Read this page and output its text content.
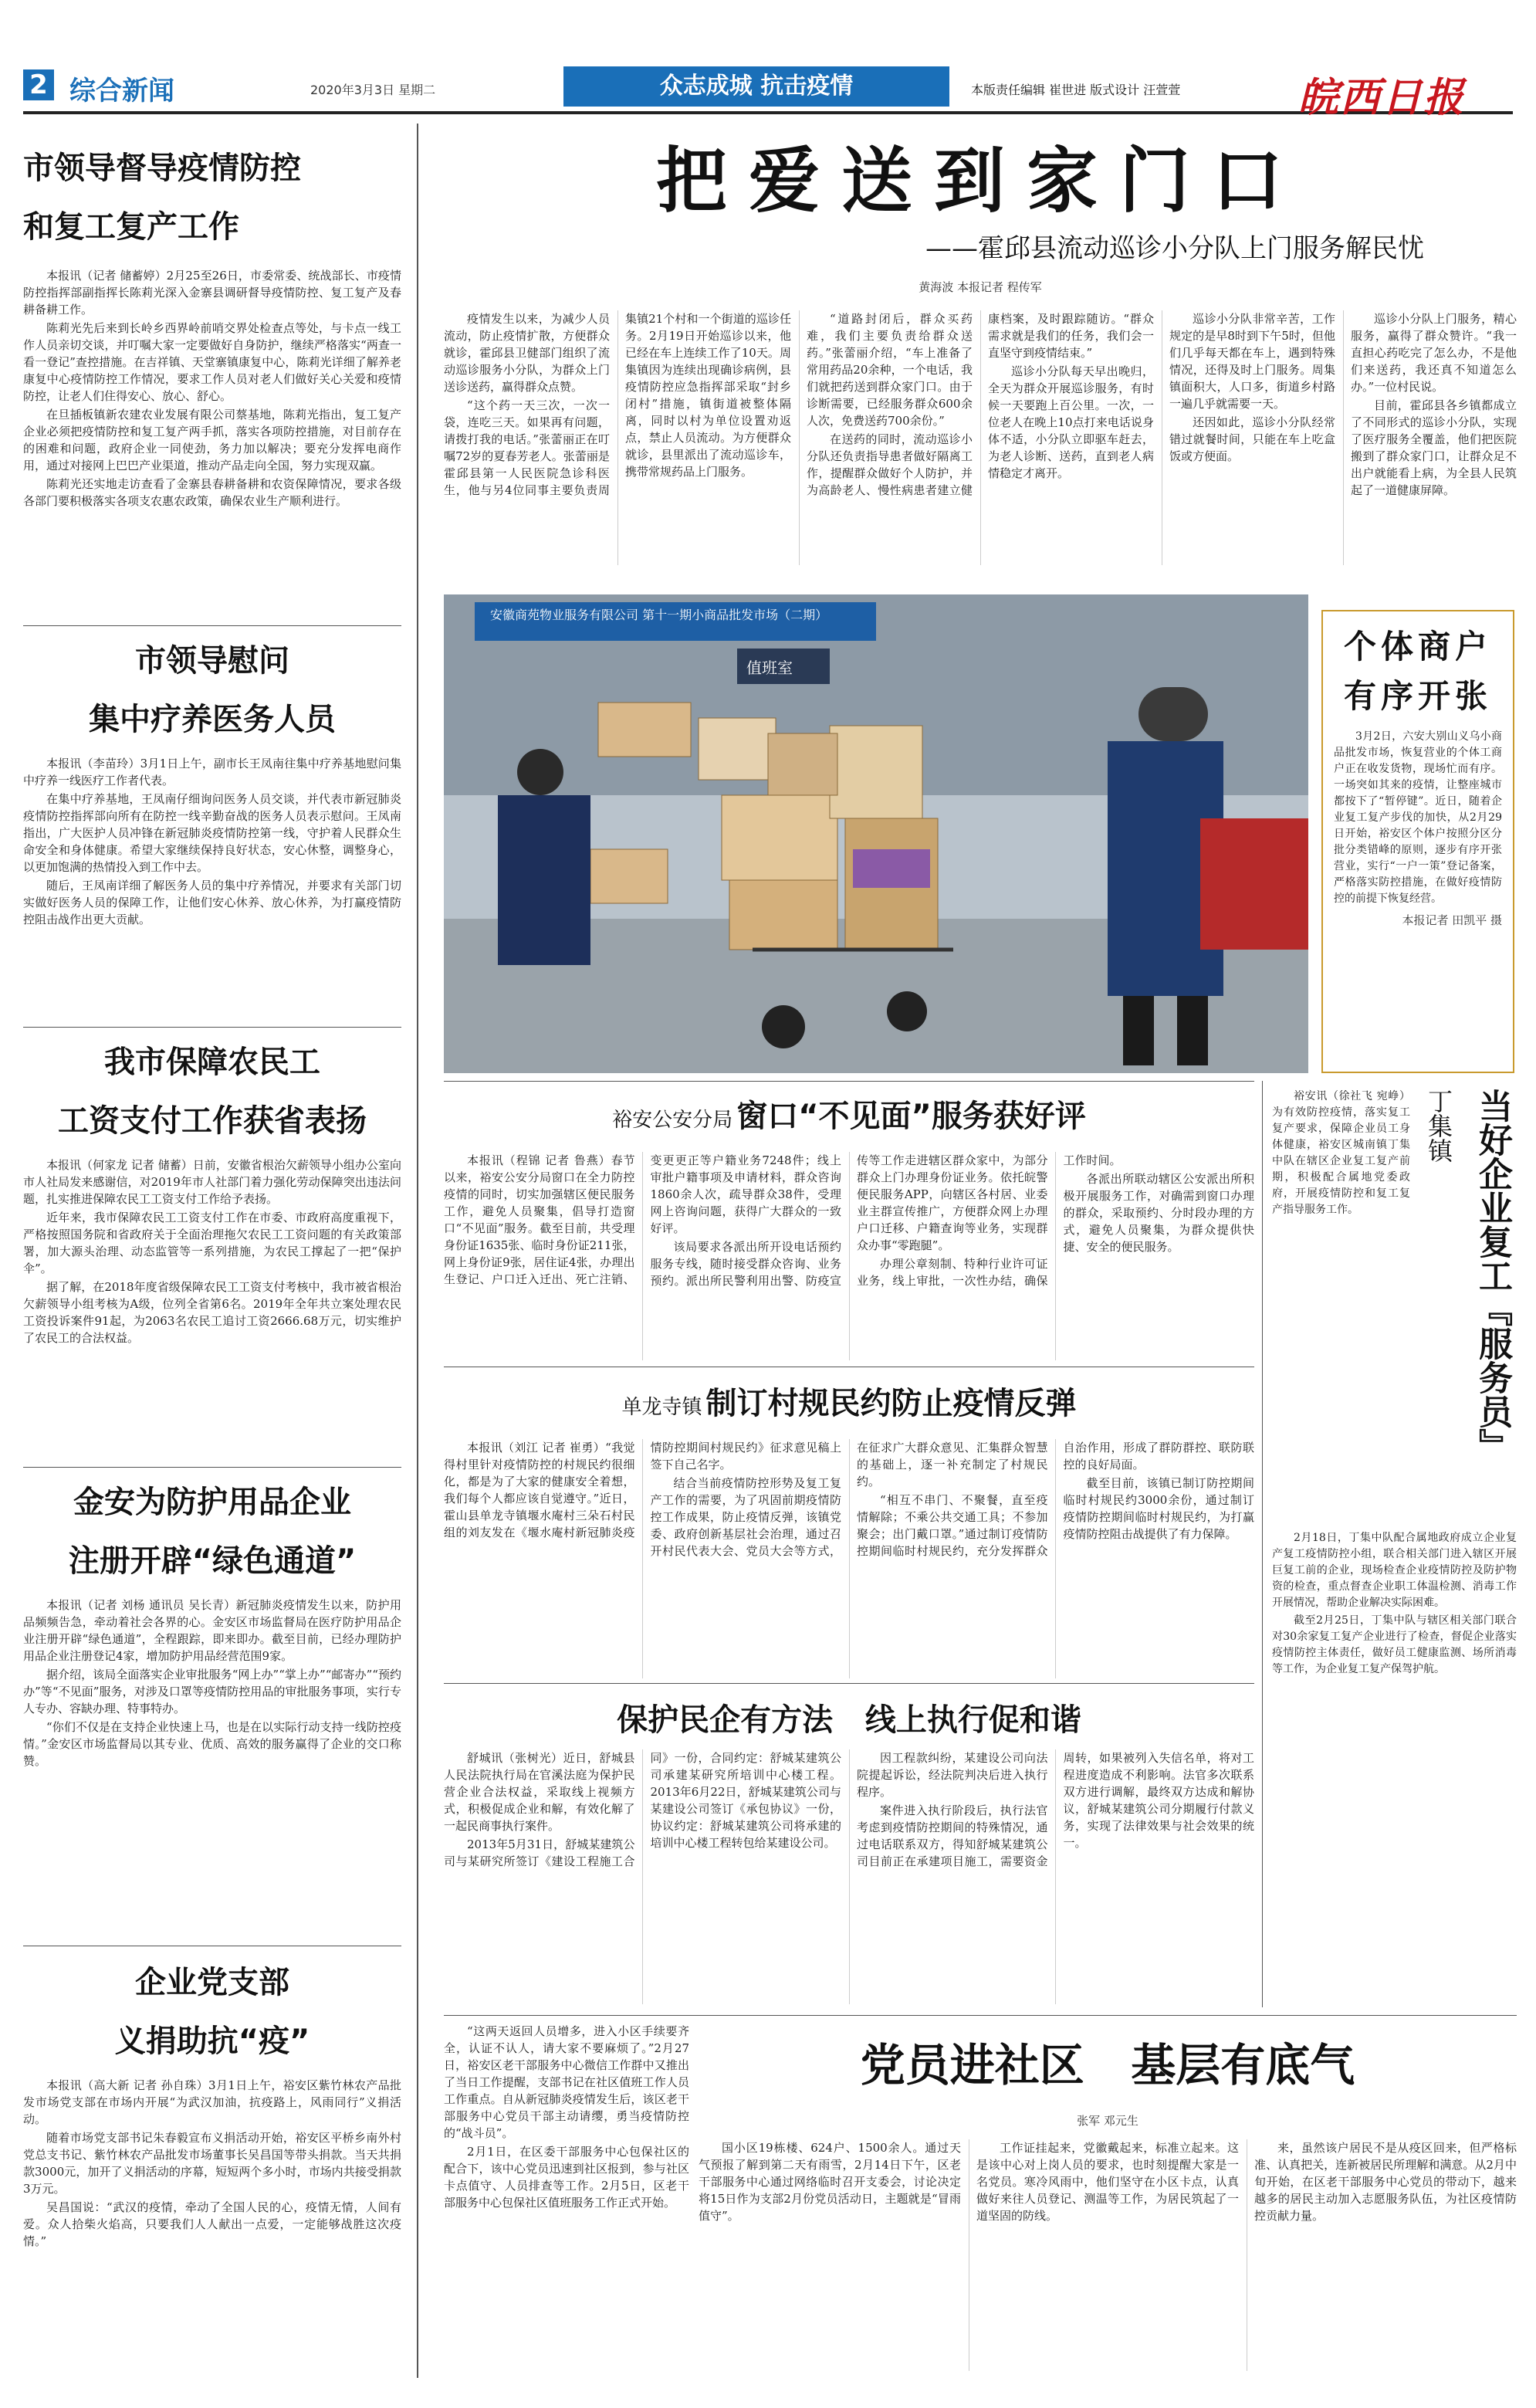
2 综合新闻	2020年3月3日 星期二	众志成城 抗击疫情	本版责任编辑 崔世进 版式设计 汪萱萱	皖西日报
市领导督导疫情防控
和复工复产工作

本报讯（记者 储蓄婷）2月25至26日，市委常委、统战部长、市疫情防控指挥部副指挥长陈莉光深入金寨县调研督导疫情防控、复工复产及春耕备耕工作。

陈莉光先后来到长岭乡西界岭前哨交界处检查点等处，与卡点一线工作人员亲切交谈，并叮嘱大家一定要做好自身防护，继续严格落实“两查一看一登记”查控措施。在吉祥镇、天堂寨镇康复中心，陈莉光详细了解养老康复中心疫情防控工作情况，要求工作人员对老人们做好关心关爱和疫情防控，让老人们住得安心、放心、舒心。

在旦插板镇新农建农业发展有限公司蔡基地，陈莉光指出，复工复产企业必须把疫情防控和复工复产两手抓，落实各项防控措施，对目前存在的困难和问题，政府企业一同使劲，务力加以解决；要充分发挥电商作用，通过对接网上巴巴产业渠道，推动产品走向全国，努力实现双赢。

陈莉光还实地走访查看了金寨县春耕备耕和农资保障情况，要求各级各部门要积极落实各项支农惠农政策，确保农业生产顺利进行。

市领导慰问
集中疗养医务人员

本报讯（李苗玲）3月1日上午，副市长王凤南往集中疗养基地慰问集中疗养一线医疗工作者代表。

在集中疗养基地，王凤南仔细询问医务人员交谈，并代表市新冠肺炎疫情防控指挥部向所有在防控一线辛勤奋战的医务人员表示慰问。王凤南指出，广大医护人员冲锋在新冠肺炎疫情防控第一线，守护着人民群众生命安全和身体健康。希望大家继续保持良好状态，安心休整，调整身心，以更加饱满的热情投入到工作中去。

随后，王凤南详细了解医务人员的集中疗养情况，并要求有关部门切实做好医务人员的保障工作，让他们安心休养、放心休养，为打赢疫情防控阻击战作出更大贡献。

我市保障农民工
工资支付工作获省表扬

本报讯（何家龙 记者 储蓄）日前，安徽省根治欠薪领导小组办公室向市人社局发来感谢信，对2019年市人社部门着力强化劳动保障突出违法问题，扎实推进保障农民工工资支付工作给予表扬。

近年来，我市保障农民工工资支付工作在市委、市政府高度重视下，严格按照国务院和省政府关于全面治理拖欠农民工工资问题的有关政策部署，加大源头治理、动态监管等一系列措施，为农民工撑起了一把“保护伞”。

据了解，在2018年度省级保障农民工工资支付考核中，我市被省根治欠薪领导小组考核为A级，位列全省第6名。2019年全年共立案处理农民工资投诉案件91起，为2063名农民工追讨工资2666.68万元，切实维护了农民工的合法权益。

金安为防护用品企业
注册开辟“绿色通道”

本报讯（记者 刘杨 通讯员 吴长青）新冠肺炎疫情发生以来，防护用品频频告急，牵动着社会各界的心。金安区市场监督局在医疗防护用品企业注册开辟“绿色通道”，全程跟踪，即来即办。截至目前，已经办理防护用品企业注册登记4家，增加防护用品经营范围9家。

据介绍，该局全面落实企业审批服务“网上办”“掌上办”“邮寄办”“预约办”等“不见面”服务，对涉及口罩等疫情防控用品的审批服务事项，实行专人专办、容缺办理、特事特办。

“你们不仅是在支持企业快速上马，也是在以实际行动支持一线防控疫情。”金安区市场监督局以其专业、优质、高效的服务赢得了企业的交口称赞。

企业党支部
义捐助抗“疫”

本报讯（高大新 记者 孙自珠）3月1日上午，裕安区紫竹林农产品批发市场党支部在市场内开展“为武汉加油，抗疫路上，风雨同行”义捐活动。

随着市场党支部书记朱春毅宣布义捐活动开始，裕安区平桥乡南外村党总支书记、紫竹林农产品批发市场董事长吴昌国等带头捐款。当天共捐款3000元，加开了义捐活动的序幕，短短两个多小时，市场内共接受捐款3万元。

吴昌国说：“武汉的疫情，牵动了全国人民的心，疫情无情，人间有爱。众人拾柴火焰高，只要我们人人献出一点爱，一定能够战胜这次疫情。”

把爱送到家门口
——霍邱县流动巡诊小分队上门服务解民忧
黄海波 本报记者 程传军

疫情发生以来，为减少人员流动，防止疫情扩散，方便群众就诊，霍邱县卫健部门组织了流动巡诊服务小分队，为群众上门送诊送药，赢得群众点赞。

“这个药一天三次，一次一袋，连吃三天。如果再有问题，请拨打我的电话。”张蕾丽正在叮嘱72岁的夏春芳老人。张蕾丽是霍邱县第一人民医院急诊科医生，他与另4位同事主要负责周集镇21个村和一个街道的巡诊任务。2月19日开始巡诊以来，他已经在车上连续工作了10天。周集镇因为连续出现确诊病例，县疫情防控应急指挥部采取“封乡闭村”措施，镇街道被整体隔离，同时以村为单位设置劝返点，禁止人员流动。为方便群众就诊，县里派出了流动巡诊车，携带常规药品上门服务。

“道路封闭后，群众买药难，我们主要负责给群众送药。”张蕾丽介绍，“车上准备了常用药品20余种，一个电话，我们就把药送到群众家门口。由于诊断需要，已经服务群众600余人次，免费送药700余份。”

在送药的同时，流动巡诊小分队还负责指导患者做好隔离工作，提醒群众做好个人防护，并为高龄老人、慢性病患者建立健康档案，及时跟踪随访。“群众需求就是我们的任务，我们会一直坚守到疫情结束。”

巡诊小分队每天早出晚归，全天为群众开展巡诊服务，有时候一天要跑上百公里。一次，一位老人在晚上10点打来电话说身体不适，小分队立即驱车赶去，为老人诊断、送药，直到老人病情稳定才离开。

巡诊小分队非常辛苦，工作规定的是早8时到下午5时，但他们几乎每天都在车上，遇到特殊情况，还得及时上门服务。周集镇面积大，人口多，街道乡村路一遍几乎就需要一天。

还因如此，巡诊小分队经常错过就餐时间，只能在车上吃盒饭或方便面。

巡诊小分队上门服务，精心服务，赢得了群众赞许。“我一直担心药吃完了怎么办，不是他们来送药，我还真不知道怎么办。”一位村民说。

目前，霍邱县各乡镇都成立了不同形式的巡诊小分队，实现了医疗服务全覆盖，他们把医院搬到了群众家门口，让群众足不出户就能看上病，为全县人民筑起了一道健康屏障。

安徽商苑物业服务有限公司 第十一期小商品批发市场（二期）
值班室
个体商户有序开张

3月2日，六安大别山义乌小商品批发市场，恢复营业的个体工商户正在收发货物，现场忙而有序。一场突如其来的疫情，让整座城市都按下了“暂停键”。近日，随着企业复工复产步伐的加快，从2月29日开始，裕安区个体户按照分区分批分类错峰的原则，逐步有序开张营业，实行“一户一策”登记备案，严格落实防控措施，在做好疫情防控的前提下恢复经营。

本报记者 田凯平 摄
裕安公安分局 窗口“不见面”服务获好评

本报讯（程锦 记者 鲁燕）春节以来，裕安公安分局窗口在全力防控疫情的同时，切实加强辖区便民服务工作，避免人员聚集，倡导打造窗口“不见面”服务。截至目前，共受理身份证1635张、临时身份证211张，网上身份证9张，居住证4张，办理出生登记、户口迁入迁出、死亡注销、变更更正等户籍业务7248件；线上审批户籍事项及申请材料，群众咨询1860余人次，疏导群众38件，受理网上咨询问题，获得广大群众的一致好评。

该局要求各派出所开设电话预约服务专线，随时接受群众咨询、业务预约。派出所民警利用出警、防疫宣传等工作走进辖区群众家中，为部分群众上门办理身份证业务。依托皖警便民服务APP，向辖区各村居、业委业主群宣传推广，方便群众网上办理户口迁移、户籍查询等业务，实现群众办事“零跑腿”。

办理公章刻制、特种行业许可证业务，线上审批，一次性办结，确保工作时间。

各派出所联动辖区公安派出所积极开展服务工作，对确需到窗口办理的群众，采取预约、分时段办理的方式，避免人员聚集，为群众提供快捷、安全的便民服务。

单龙寺镇 制订村规民约防止疫情反弹

本报讯（刘江 记者 崔勇）“我觉得村里针对疫情防控的村规民约很细化，都是为了大家的健康安全着想，我们每个人都应该自觉遵守。”近日，霍山县单龙寺镇堰水庵村三朵石村民组的刘友发在《堰水庵村新冠肺炎疫情防控期间村规民约》征求意见稿上签下自己名字。

结合当前疫情防控形势及复工复产工作的需要，为了巩固前期疫情防控工作成果，防止疫情反弹，该镇党委、政府创新基层社会治理，通过召开村民代表大会、党员大会等方式，在征求广大群众意见、汇集群众智慧的基础上，逐一补充制定了村规民约。

“相互不串门、不聚餐，直至疫情解除；不乘公共交通工具；不参加聚会；出门戴口罩。”通过制订疫情防控期间临时村规民约，充分发挥群众自治作用，形成了群防群控、联防联控的良好局面。

截至目前，该镇已制订防控期间临时村规民约3000余份，通过制订疫情防控期间临时村规民约，为打赢疫情防控阻击战提供了有力保障。

保护民企有方法   线上执行促和谐

舒城讯（张树光）近日，舒城县人民法院执行局在官溪法庭为保护民营企业合法权益，采取线上视频方式，积极促成企业和解，有效化解了一起民商事执行案件。

2013年5月31日，舒城某建筑公司与某研究所签订《建设工程施工合同》一份，合同约定：舒城某建筑公司承建某研究所培训中心楼工程。2013年6月22日，舒城某建筑公司与某建设公司签订《承包协议》一份，协议约定：舒城某建筑公司将承建的培训中心楼工程转包给某建设公司。

因工程款纠纷，某建设公司向法院提起诉讼，经法院判决后进入执行程序。

案件进入执行阶段后，执行法官考虑到疫情防控期间的特殊情况，通过电话联系双方，得知舒城某建筑公司目前正在承建项目施工，需要资金周转，如果被列入失信名单，将对工程进度造成不利影响。法官多次联系双方进行调解，最终双方达成和解协议，舒城某建筑公司分期履行付款义务，实现了法律效果与社会效果的统一。

“这两天返回人员增多，进入小区手续要齐全，认证不认人，请大家不要麻烦了。”2月27日，裕安区老干部服务中心微信工作群中又推出了当日工作提醒，支部书记在社区值班工作人员工作重点。自从新冠肺炎疫情发生后，该区老干部服务中心党员干部主动请缨，勇当疫情防控的“战斗员”。

2月1日，在区委干部服务中心包保社区的配合下，该中心党员迅速到社区报到，参与社区卡点值守、人员排查等工作。2月5日，区老干部服务中心包保社区值班服务工作正式开始。

党员进社区   基层有底气
张军 邓元生

国小区19栋楼、624户、1500余人。通过天气预报了解到第二天有雨雪，2月14日下午，区老干部服务中心通过网络临时召开支委会，讨论决定将15日作为支部2月份党员活动日，主题就是“冒雨值守”。

工作证挂起来，党徽戴起来，标准立起来。这是该中心对上岗人员的要求，也时刻提醒大家是一名党员。寒冷风雨中，他们坚守在小区卡点，认真做好来往人员登记、测温等工作，为居民筑起了一道坚固的防线。

来，虽然该户居民不是从疫区回来，但严格标准、认真把关，连新被居民所理解和满意。从2月中旬开始，在区老干部服务中心党员的带动下，越来越多的居民主动加入志愿服务队伍，为社区疫情防控贡献力量。

裕安讯（徐社飞 宛峥）为有效防控疫情，落实复工复产要求，保障企业员工身体健康，裕安区城南镇丁集中队在辖区企业复工复产前期，积极配合属地党委政府，开展疫情防控和复工复产指导服务工作。

丁集镇 当好企业复工『服务员』

2月18日，丁集中队配合属地政府成立企业复产复工疫情防控小组，联合相关部门进入辖区开展巨复工前的企业，现场检查企业疫情防控及防护物资的检查，重点督查企业职工体温检测、消毒工作开展情况，帮助企业解决实际困难。

截至2月25日，丁集中队与辖区相关部门联合对30余家复工复产企业进行了检查，督促企业落实疫情防控主体责任，做好员工健康监测、场所消毒等工作，为企业复工复产保驾护航。
